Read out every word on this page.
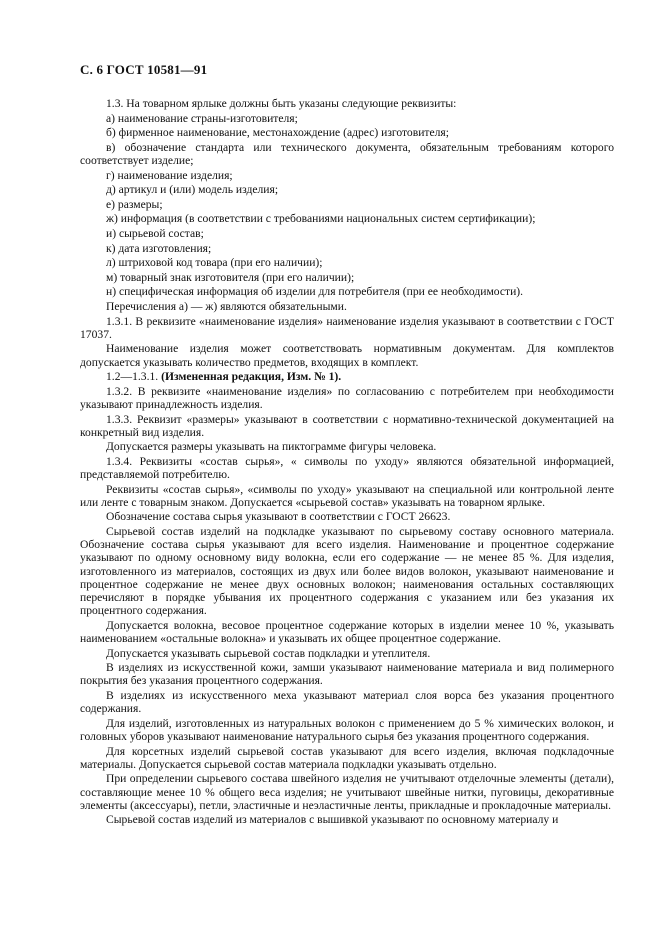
С. 6 ГОСТ 10581—91

1.3. На товарном ярлыке должны быть указаны следующие реквизиты:

а) наименование страны-изготовителя;

б) фирменное наименование, местонахождение (адрес) изготовителя;

в) обозначение стандарта или технического документа, обязательным требованиям которого соответствует изделие;

г) наименование изделия;

д) артикул и (или) модель изделия;

е) размеры;

ж) информация (в соответствии с требованиями национальных систем сертификации);

и) сырьевой состав;

к) дата изготовления;

л) штриховой код товара (при его наличии);

м) товарный знак изготовителя (при его наличии);

н) специфическая информация об изделии для потребителя (при ее необходимости).

Перечисления а) — ж) являются обязательными.

1.3.1. В реквизите «наименование изделия» наименование изделия указывают в соответствии с ГОСТ 17037.

Наименование изделия может соответствовать нормативным документам. Для комплектов допускается указывать количество предметов, входящих в комплект.

1.2—1.3.1. (Измененная редакция, Изм. № 1).

1.3.2. В реквизите «наименование изделия» по согласованию с потребителем при необходимости указывают принадлежность изделия.

1.3.3. Реквизит «размеры» указывают в соответствии с нормативно-технической документацией на конкретный вид изделия.

Допускается размеры указывать на пиктограмме фигуры человека.

1.3.4. Реквизиты «состав сырья», « символы по уходу» являются обязательной информацией, представляемой потребителю.

Реквизиты «состав сырья», «символы по уходу» указывают на специальной или контрольной ленте или ленте с товарным знаком. Допускается «сырьевой состав» указывать на товарном ярлыке.

Обозначение состава сырья указывают в соответствии с ГОСТ 26623.

Сырьевой состав изделий на подкладке указывают по сырьевому составу основного материала. Обозначение состава сырья указывают для всего изделия. Наименование и процентное содержание указывают по одному основному виду волокна, если его содержание — не менее 85 %. Для изделия, изготовленного из материалов, состоящих из двух или более видов волокон, указывают наименование и процентное содержание не менее двух основных волокон; наименования остальных составляющих перечисляют в порядке убывания их процентного содержания с указанием или без указания их процентного содержания.

Допускается волокна, весовое процентное содержание которых в изделии менее 10 %, указывать наименованием «остальные волокна» и указывать их общее процентное содержание.

Допускается указывать сырьевой состав подкладки и утеплителя.

В изделиях из искусственной кожи, замши указывают наименование материала и вид полимерного покрытия без указания процентного содержания.

В изделиях из искусственного меха указывают материал слоя ворса без указания процентного содержания.

Для изделий, изготовленных из натуральных волокон с применением до 5 % химических волокон, и головных уборов указывают наименование натурального сырья без указания процентного содержания.

Для корсетных изделий сырьевой состав указывают для всего изделия, включая подкладочные материалы. Допускается сырьевой состав материала подкладки указывать отдельно.

При определении сырьевого состава швейного изделия не учитывают отделочные элементы (детали), составляющие менее 10 % общего веса изделия; не учитывают швейные нитки, пуговицы, декоративные элементы (аксессуары), петли, эластичные и неэластичные ленты, прикладные и прокладочные материалы.

Сырьевой состав изделий из материалов с вышивкой указывают по основному материалу и
